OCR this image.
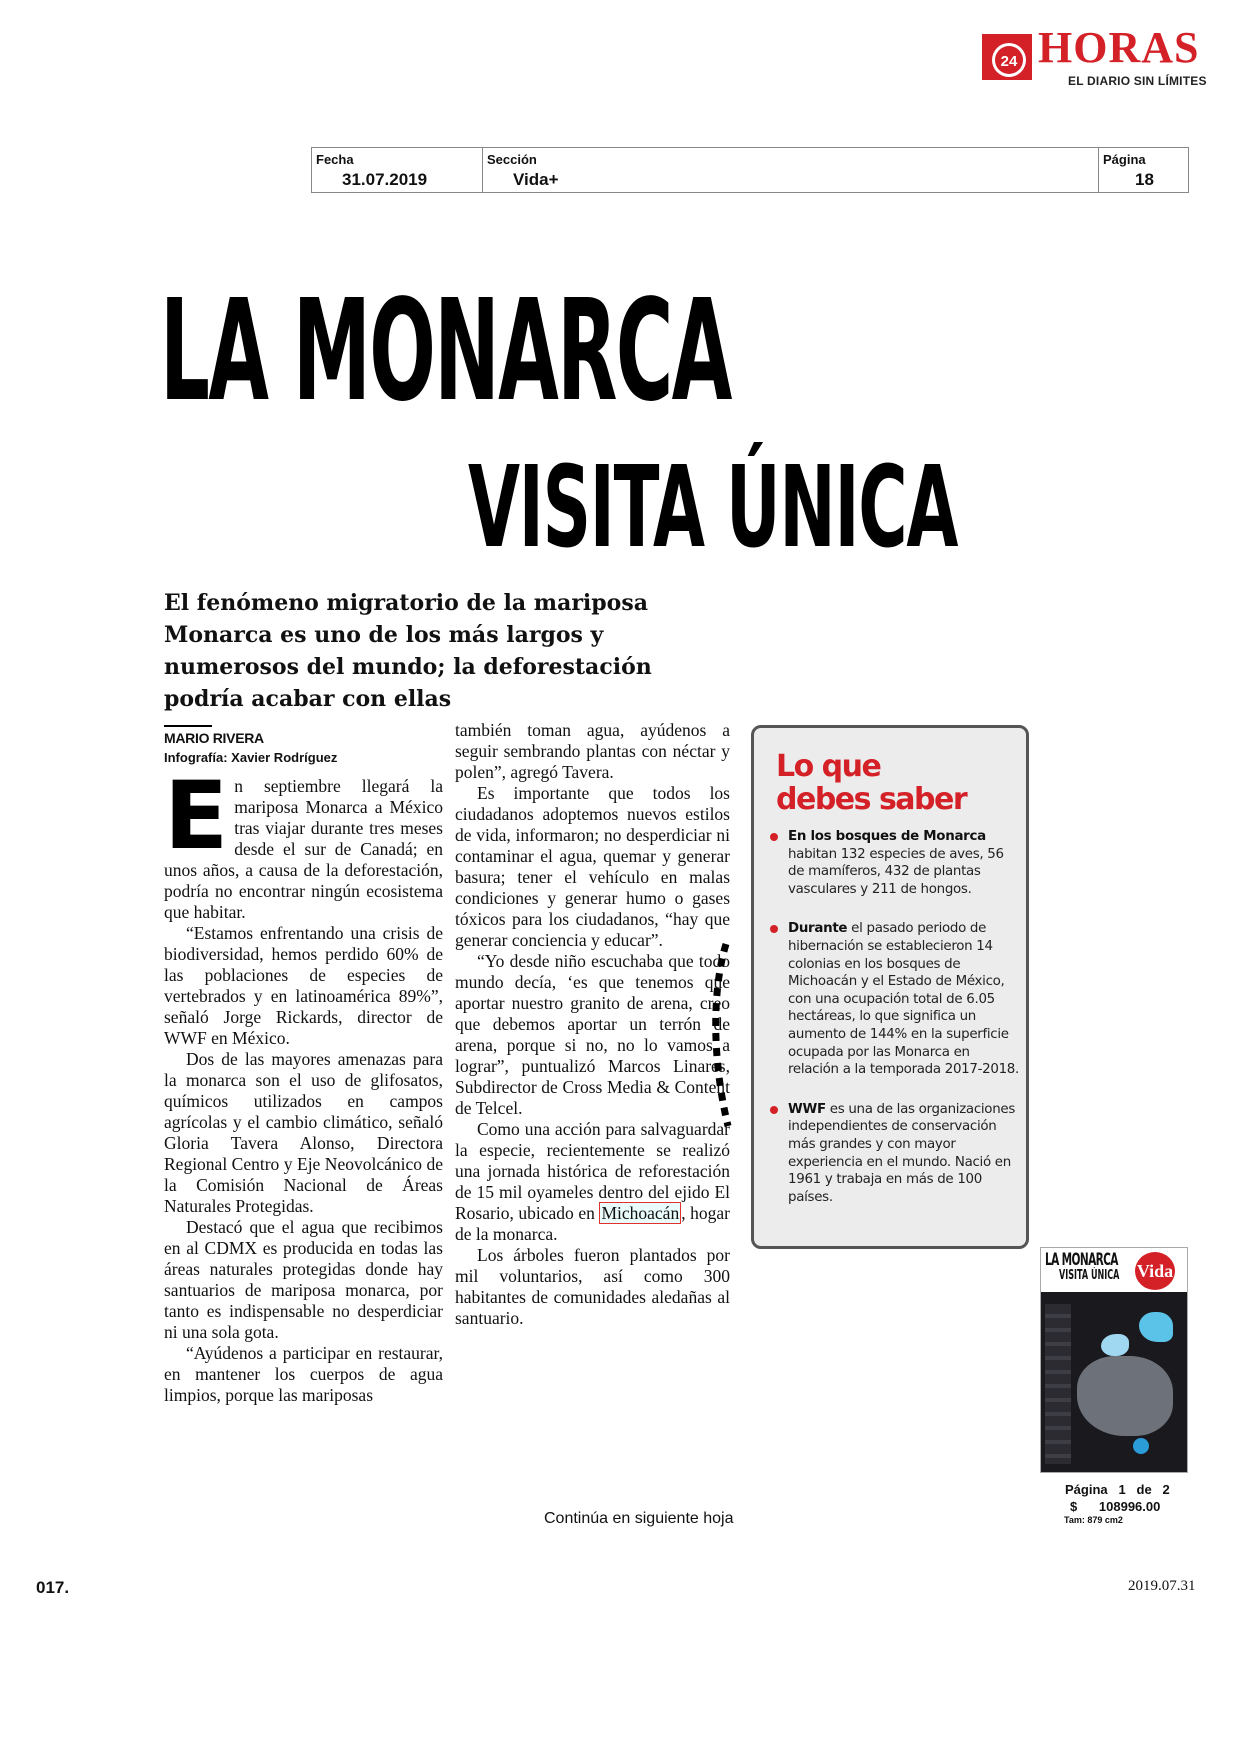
24 HORAS
EL DIARIO SIN LÍMITES
Fecha
31.07.2019
Sección
Vida+
Página
18
LA MONARCA
VISITA ÚNICA
El fenómeno migratorio de la mariposa Monarca es uno de los más largos y numerosos del mundo; la deforestación podría acabar con ellas
MARIO RIVERA
Infografía: Xavier Rodríguez

En septiembre llegará la mariposa Monarca a México tras viajar durante tres meses desde el sur de Canadá; en unos años, a causa de la deforestación, podría no encontrar ningún ecosistema que habitar.

“Estamos enfrentando una crisis de biodiversidad, hemos perdido 60% de las poblaciones de especies de vertebrados y en latinoamérica 89%”, señaló Jorge Rickards, director de WWF en México.

Dos de las mayores amenazas para la monarca son el uso de glifosatos, químicos utilizados en campos agrícolas y el cambio climático, señaló Gloria Tavera Alonso, Directora Regional Centro y Eje Neovolcánico de la Comisión Nacional de Áreas Naturales Protegidas.

Destacó que el agua que recibimos en al CDMX es producida en todas las áreas naturales protegidas donde hay santuarios de mariposa monarca, por tanto es indispensable no desperdiciar ni una sola gota.

“Ayúdenos a participar en restaurar, en mantener los cuerpos de agua limpios, porque las mariposas

también toman agua, ayúdenos a seguir sembrando plantas con néctar y polen”, agregó Tavera.

Es importante que todos los ciudadanos adoptemos nuevos estilos de vida, informaron; no desperdiciar ni contaminar el agua, quemar y generar basura; tener el vehículo en malas condiciones y generar humo o gases tóxicos para los ciudadanos, “hay que generar conciencia y educar”.

“Yo desde niño escuchaba que todo mundo decía, ‘es que tenemos que aportar nuestro granito de arena, creo que debemos aportar un terrón de arena, porque si no, no lo vamos a lograr”, puntualizó Marcos Linares, Subdirector de Cross Media & Content de Telcel.

Como una acción para salvaguardar la especie, recientemente se realizó una jornada histórica de reforestación de 15 mil oyameles dentro del ejido El Rosario, ubicado en Michoacán , hogar de la monarca.

Los árboles fueron plantados por mil voluntarios, así como 300 habitantes de comunidades aledañas al santuario.

Lo que
debes saber
En los bosques de Monarca habitan 132 especies de aves, 56 de mamíferos, 432 de plantas vasculares y 211 de hongos.
Durante el pasado periodo de hibernación se establecieron 14 colonias en los bosques de Michoacán y el Estado de México, con una ocupación total de 6.05 hectáreas, lo que significa un aumento de 144% en la superficie ocupada por las Monarca en relación a la temporada 2017-2018.
WWF es una de las organizaciones independientes de conservación más grandes y con mayor experiencia en el mundo. Nació en 1961 y trabaja en más de 100 países.
LA MONARCA
VISITA ÚNICA Vida
Página   1   de   2
$      108996.00
Tam: 879 cm2
Continúa en siguiente hoja
017.	2019.07.31
